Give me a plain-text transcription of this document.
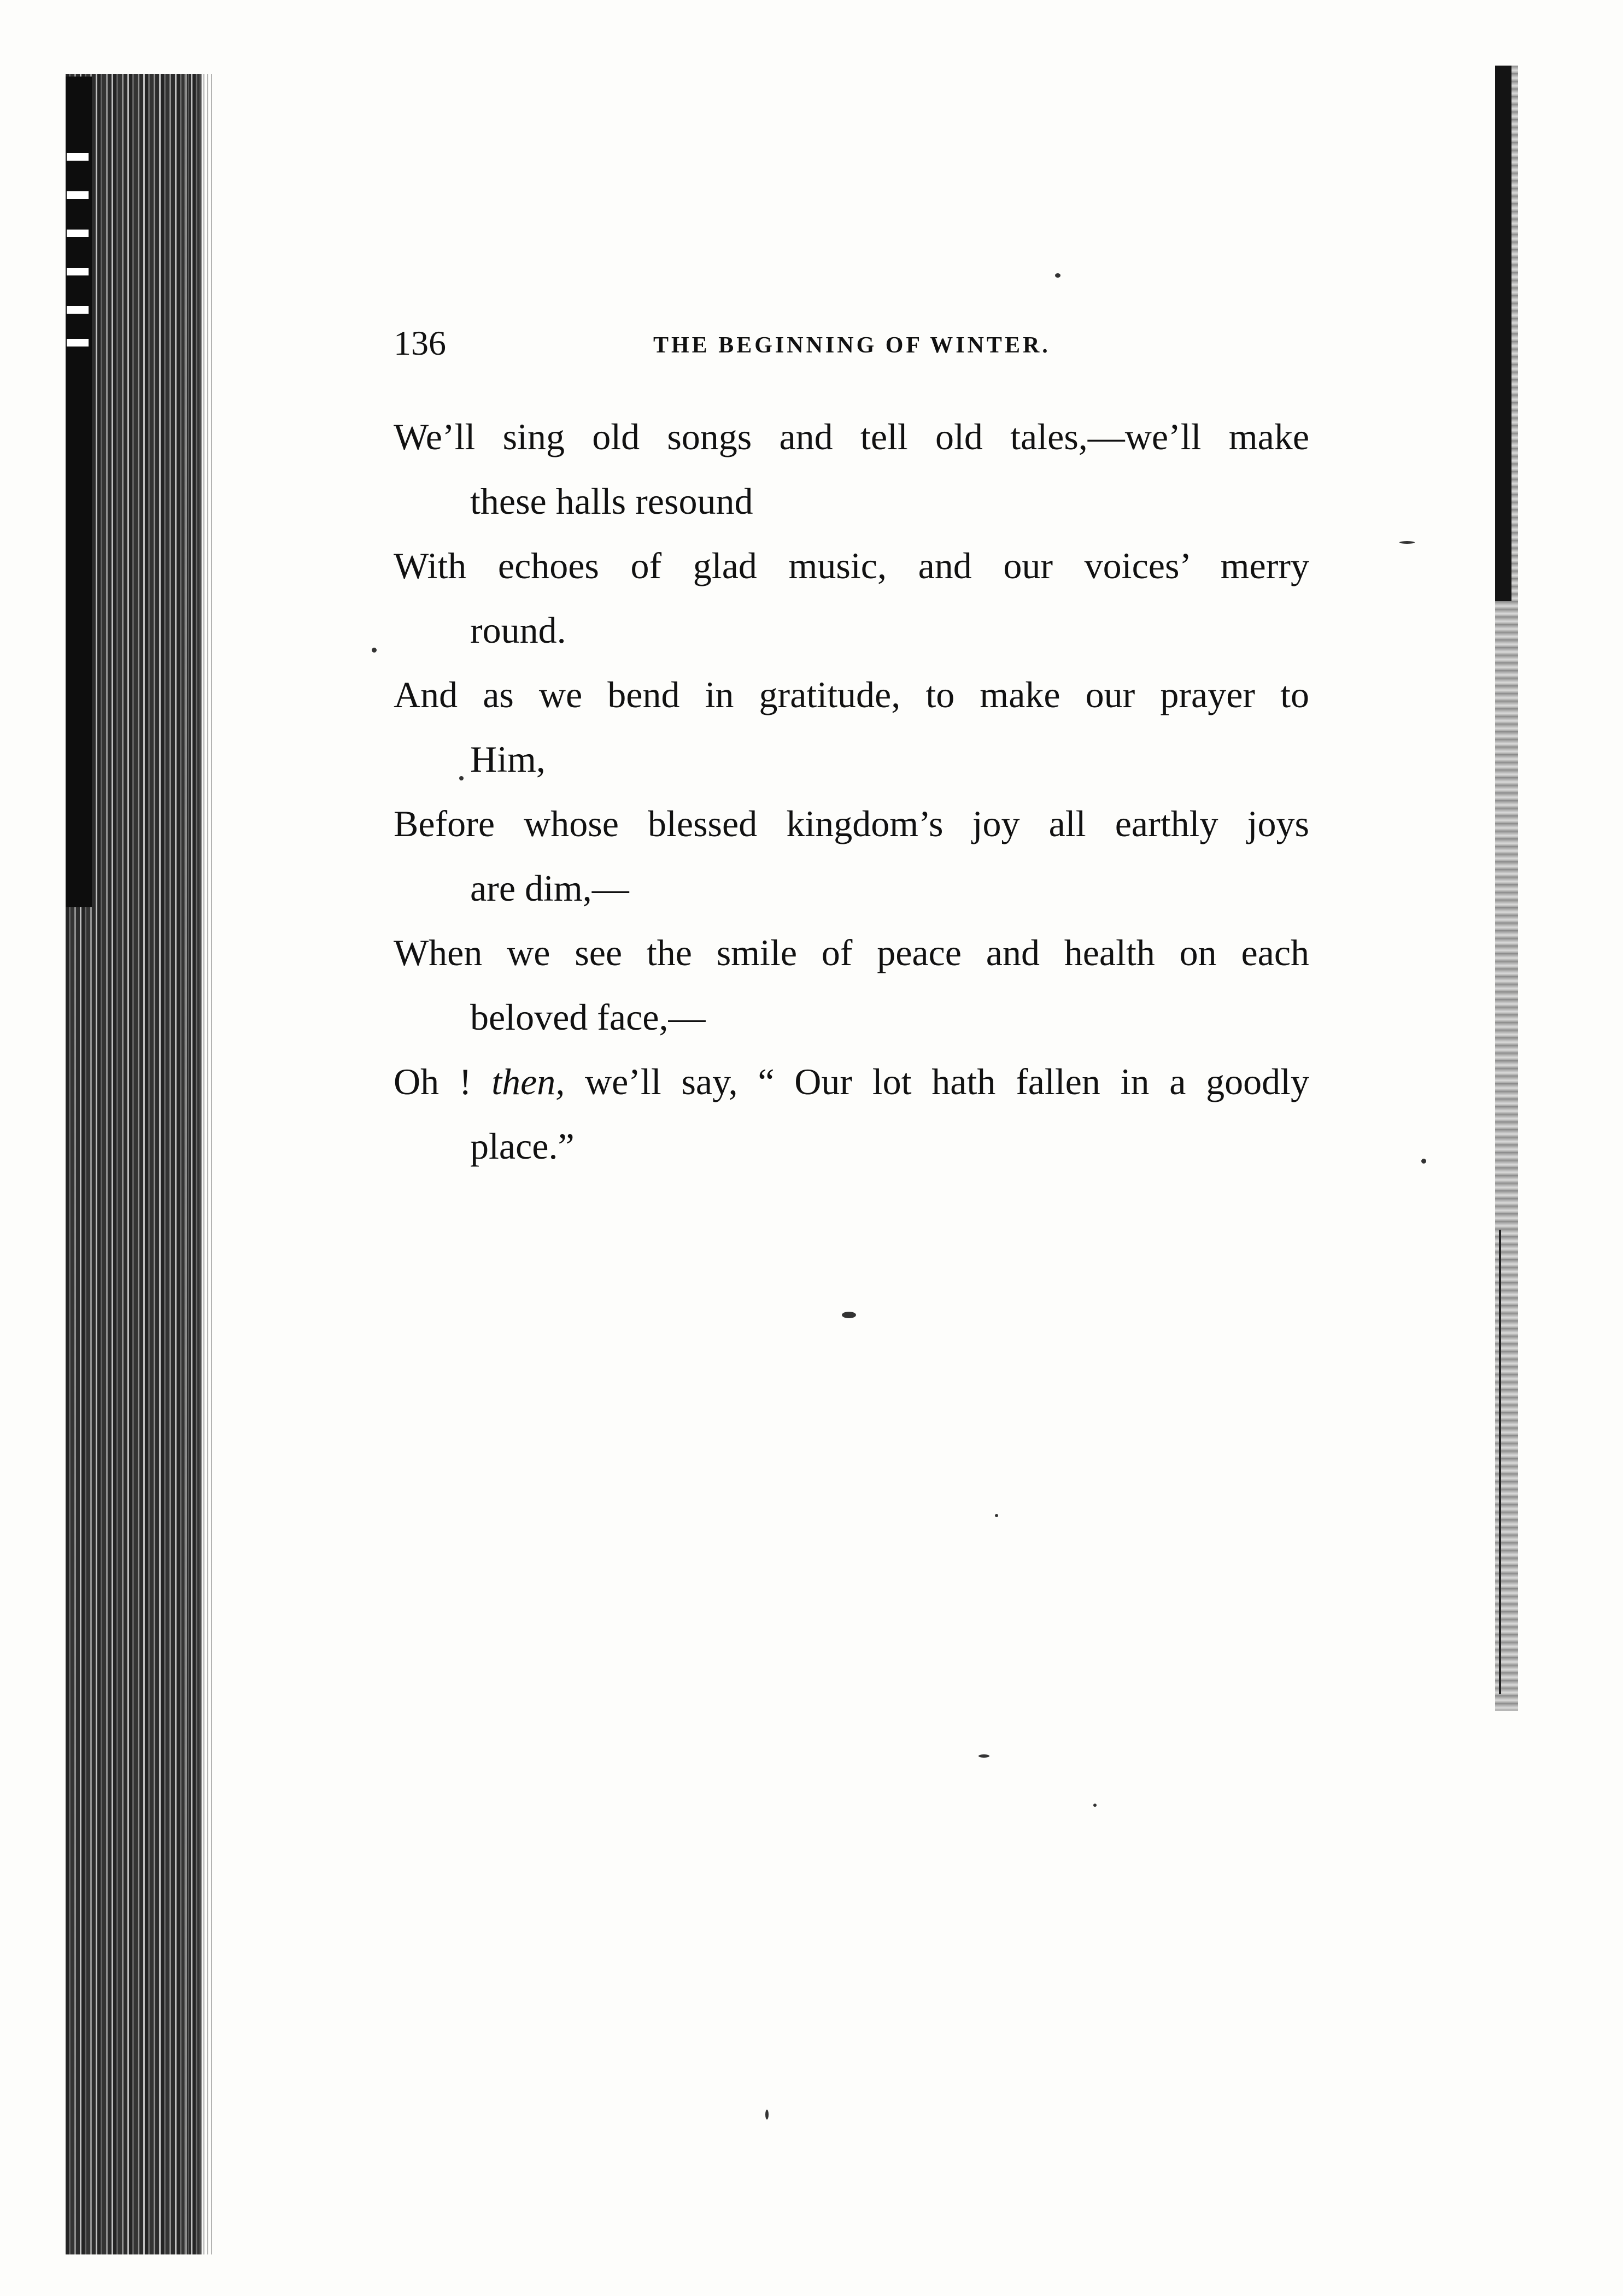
136	THE BEGINNING OF WINTER.
We’ll sing old songs and tell old tales,—we’ll make
these halls resound
With echoes of glad music, and our voices’ merry
round.
And as we bend in gratitude, to make our prayer to
Him,
Before whose blessed kingdom’s joy all earthly joys
are dim,—
When we see the smile of peace and health on each
beloved face,—
Oh ! then, we’ll say, “ Our lot hath fallen in a goodly
place.”
